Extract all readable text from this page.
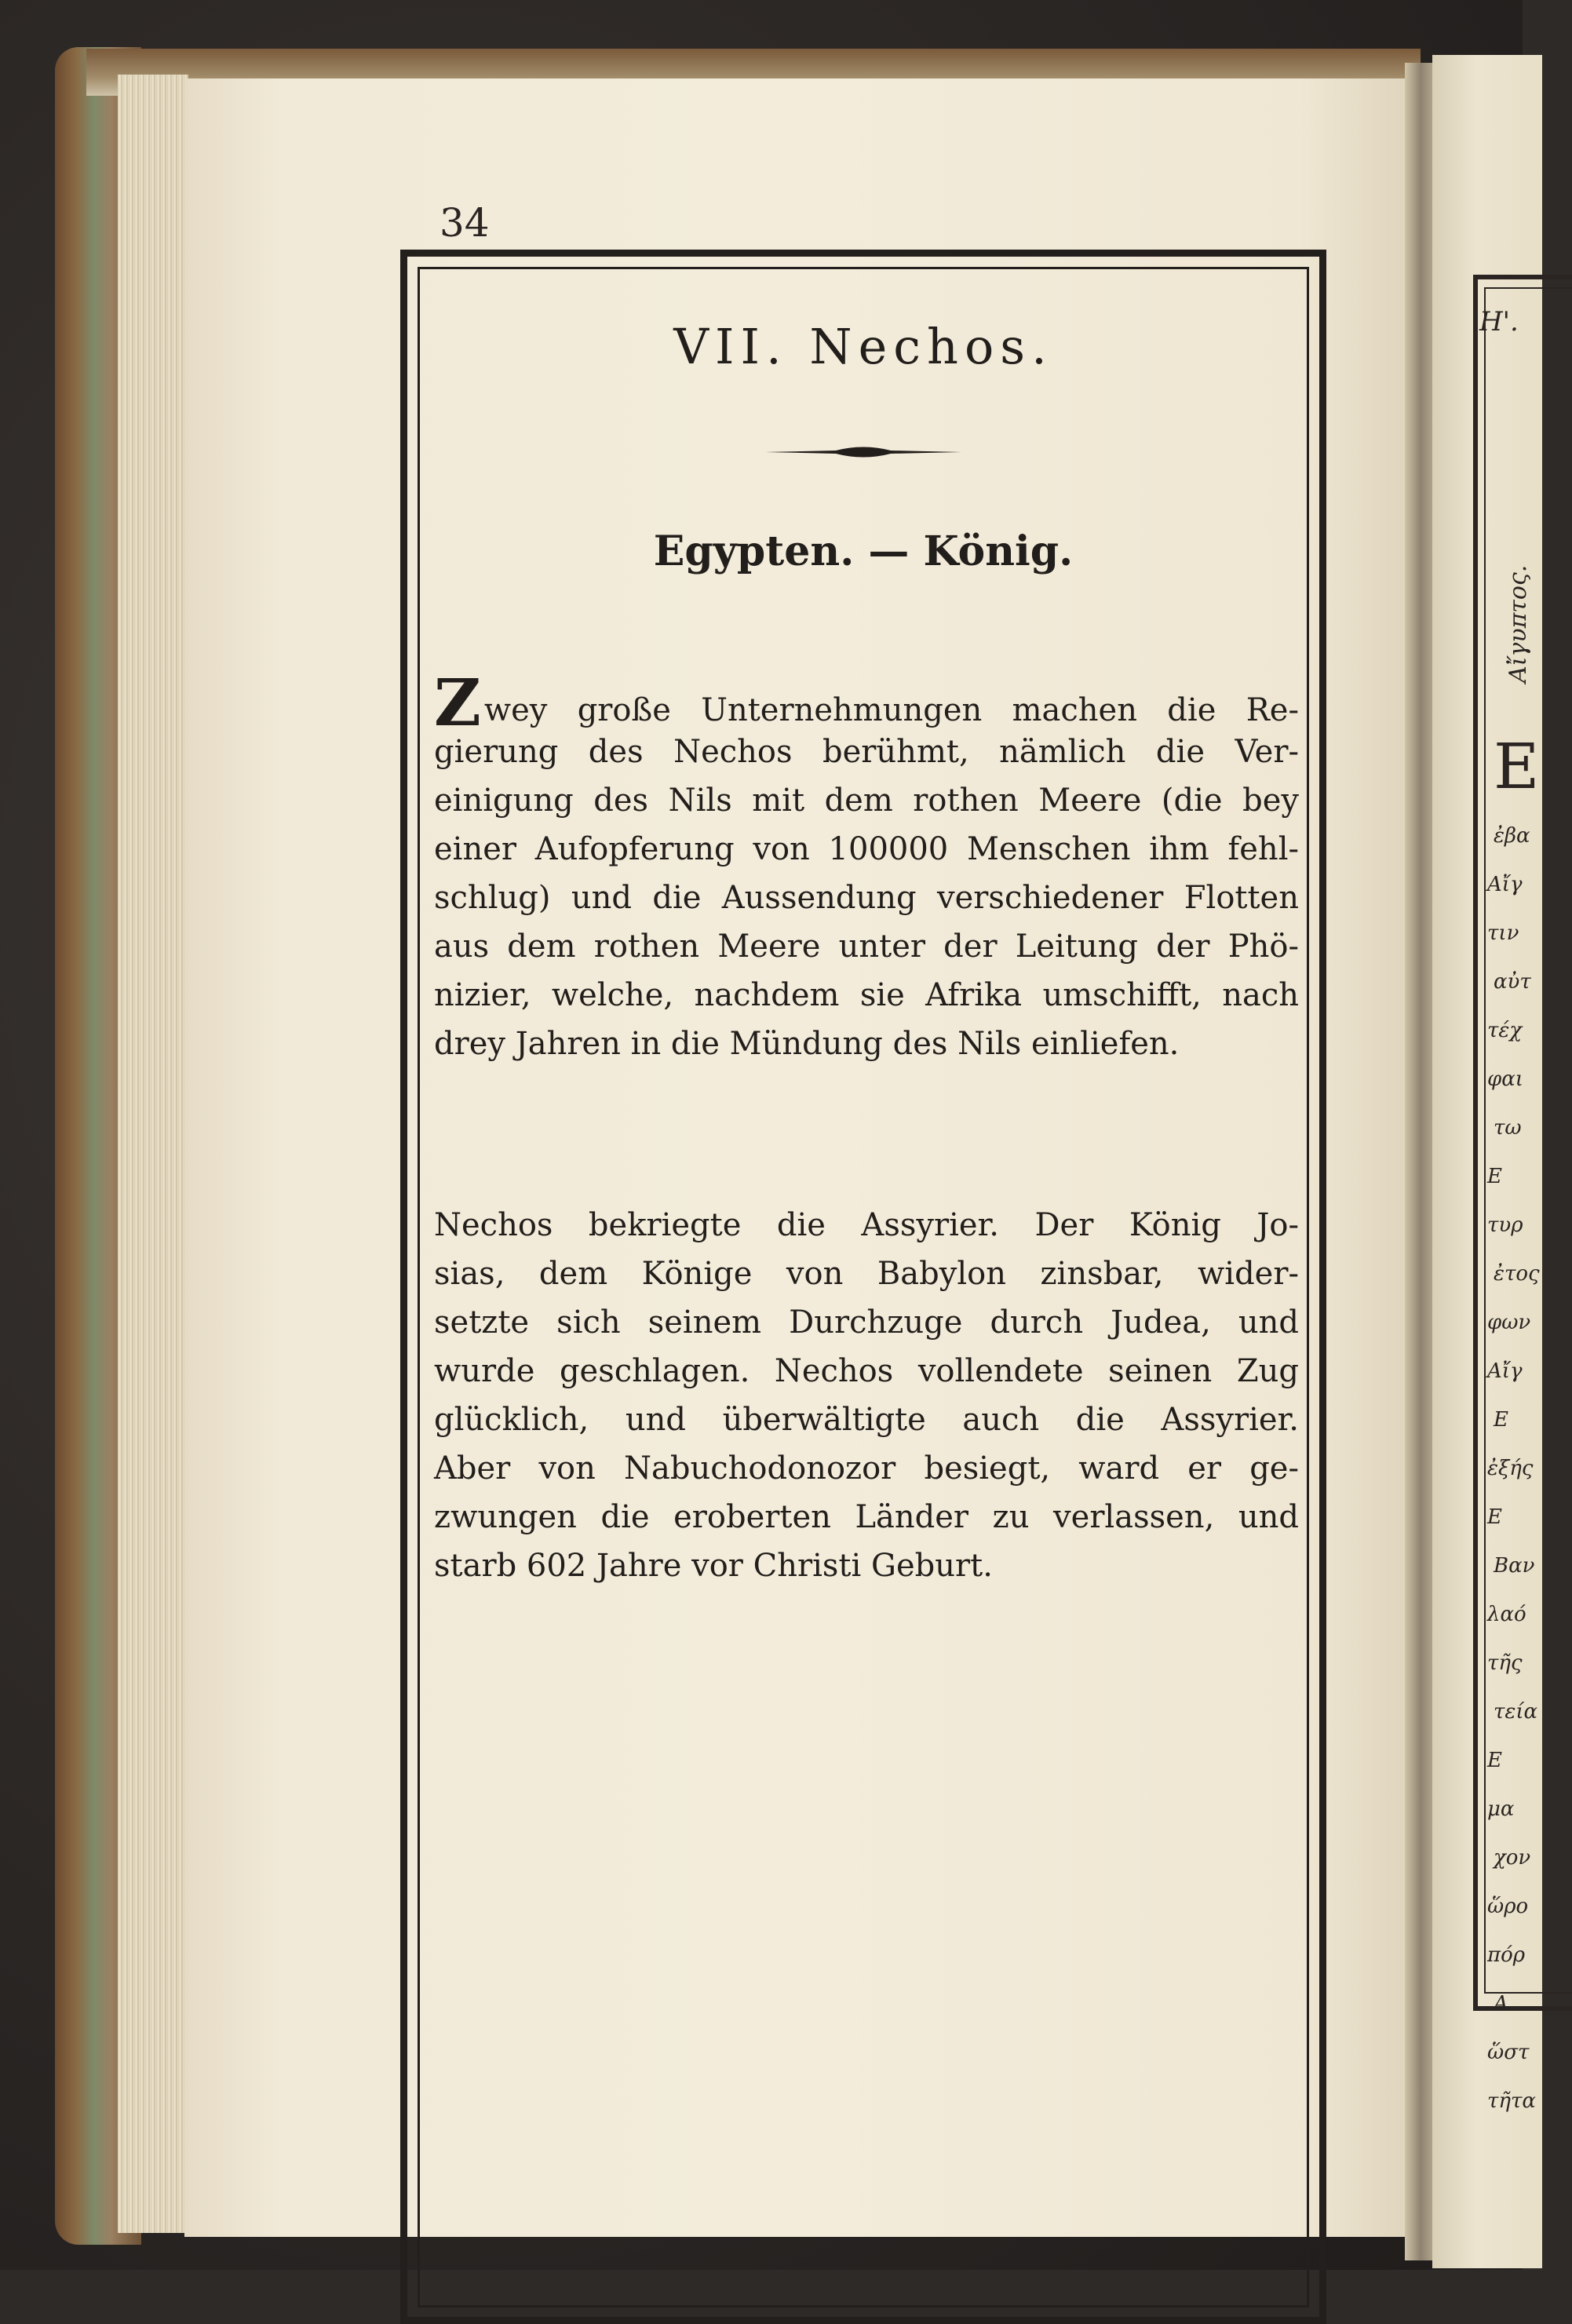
H'.
Αἴγυπτος.
E
ἐβα
Αἴγ
τιν
αὐτ
τέχ
φαι
τω
Ε
τυρ
ἐτος
φων
Αἴγ
Ε
ἐξής
Ε
Βαν
λαό
τῆς
τεία
Ε
μα
χον
ὥρο
πόρ
Α
ὥστ
τῆτα
34
VII. Nechos.
Egypten. — König.
Zwey große Unternehmungen machen die Re-
gierung des Nechos berühmt, nämlich die Ver-
einigung des Nils mit dem rothen Meere (die bey
einer Aufopferung von 100000 Menschen ihm fehl-
schlug) und die Aussendung verschiedener Flotten
aus dem rothen Meere unter der Leitung der Phö-
nizier, welche, nachdem sie Afrika umschifft, nach
drey Jahren in die Mündung des Nils einliefen.
Nechos bekriegte die Assyrier. Der König Jo-
sias, dem Könige von Babylon zinsbar, wider-
setzte sich seinem Durchzuge durch Judea, und
wurde geschlagen. Nechos vollendete seinen Zug
glücklich, und überwältigte auch die Assyrier.
Aber von Nabuchodonozor besiegt, ward er ge-
zwungen die eroberten Länder zu verlassen, und
starb 602 Jahre vor Christi Geburt.
